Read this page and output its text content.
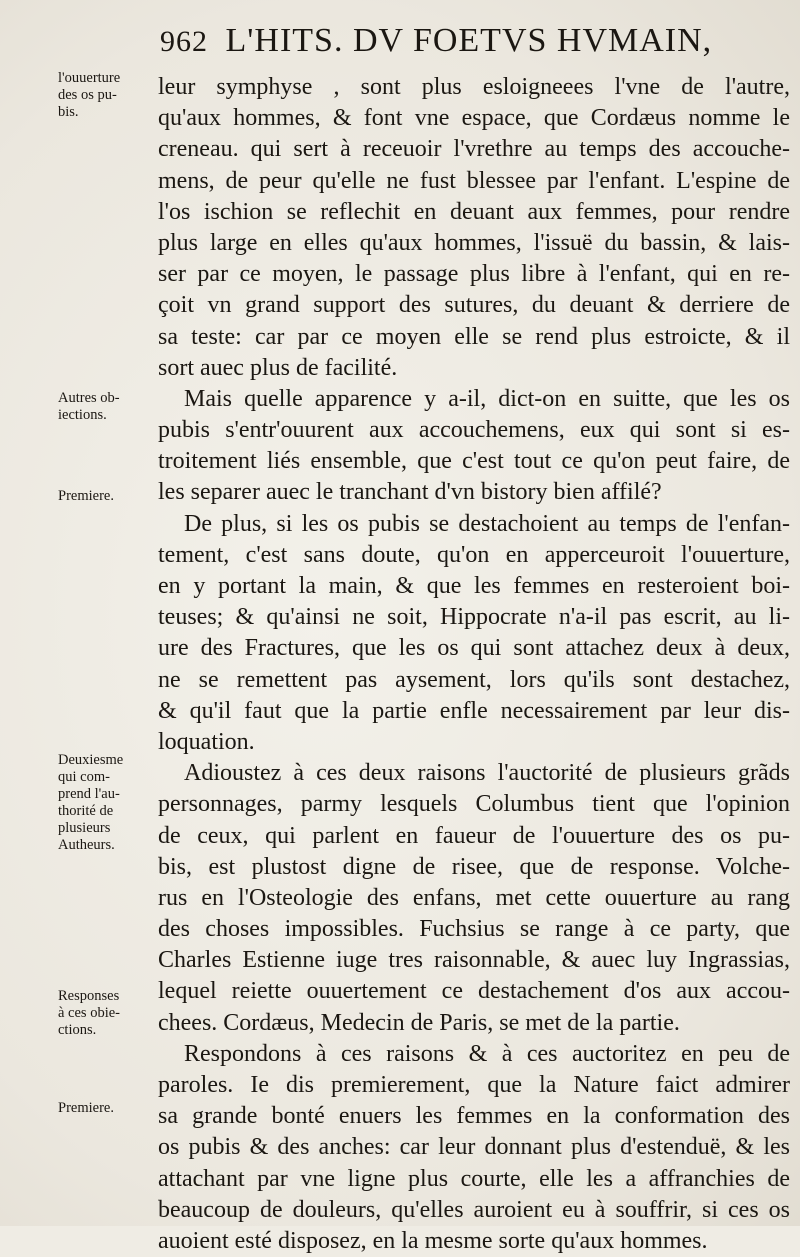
962 L'HITS. DV FOETVS HVMAIN,
l'ouuerture
des os pu-
bis.
Autres ob-
iections.
Premiere.
Deuxiesme
qui com-
prend l'au-
thorité de
plusieurs
Autheurs.
Responses
à ces obie-
ctions.
Premiere.
leur symphyse , sont plus esloigneees l'vne de l'autre,
qu'aux hommes, & font vne espace, que Cordæus nomme le
creneau. qui sert à receuoir l'vrethre au temps des accouche-
mens, de peur qu'elle ne fust blessee par l'enfant. L'espine de
l'os ischion se reflechit en deuant aux femmes, pour rendre
plus large en elles qu'aux hommes, l'issuë du bassin, & lais-
ser par ce moyen, le passage plus libre à l'enfant, qui en re-
çoit vn grand support des sutures, du deuant & derriere de
sa teste: car par ce moyen elle se rend plus estroicte, & il
sort auec plus de facilité.
Mais quelle apparence y a-il, dict-on en suitte, que les os
pubis s'entr'ouurent aux accouchemens, eux qui sont si es-
troitement liés ensemble, que c'est tout ce qu'on peut faire, de
les separer auec le tranchant d'vn bistory bien affilé?
De plus, si les os pubis se destachoient au temps de l'enfan-
tement, c'est sans doute, qu'on en apperceuroit l'ouuerture,
en y portant la main, & que les femmes en resteroient boi-
teuses; & qu'ainsi ne soit, Hippocrate n'a-il pas escrit, au li-
ure des Fractures, que les os qui sont attachez deux à deux,
ne se remettent pas aysement, lors qu'ils sont destachez,
& qu'il faut que la partie enfle necessairement par leur dis-
loquation.
Adioustez à ces deux raisons l'auctorité de plusieurs grãds
personnages, parmy lesquels Columbus tient que l'opinion
de ceux, qui parlent en faueur de l'ouuerture des os pu-
bis, est plustost digne de risee, que de response. Volche-
rus en l'Osteologie des enfans, met cette ouuerture au rang
des choses impossibles. Fuchsius se range à ce party, que
Charles Estienne iuge tres raisonnable, & auec luy Ingrassias,
lequel reiette ouuertement ce destachement d'os aux accou-
chees. Cordæus, Medecin de Paris, se met de la partie.
Respondons à ces raisons & à ces auctoritez en peu de
paroles. Ie dis premierement, que la Nature faict admirer
sa grande bonté enuers les femmes en la conformation des
os pubis & des anches: car leur donnant plus d'estenduë, & les
attachant par vne ligne plus courte, elle les a affranchies de
beaucoup de douleurs, qu'elles auroient eu à souffrir, si ces os
auoient esté disposez, en la mesme sorte qu'aux hommes.
